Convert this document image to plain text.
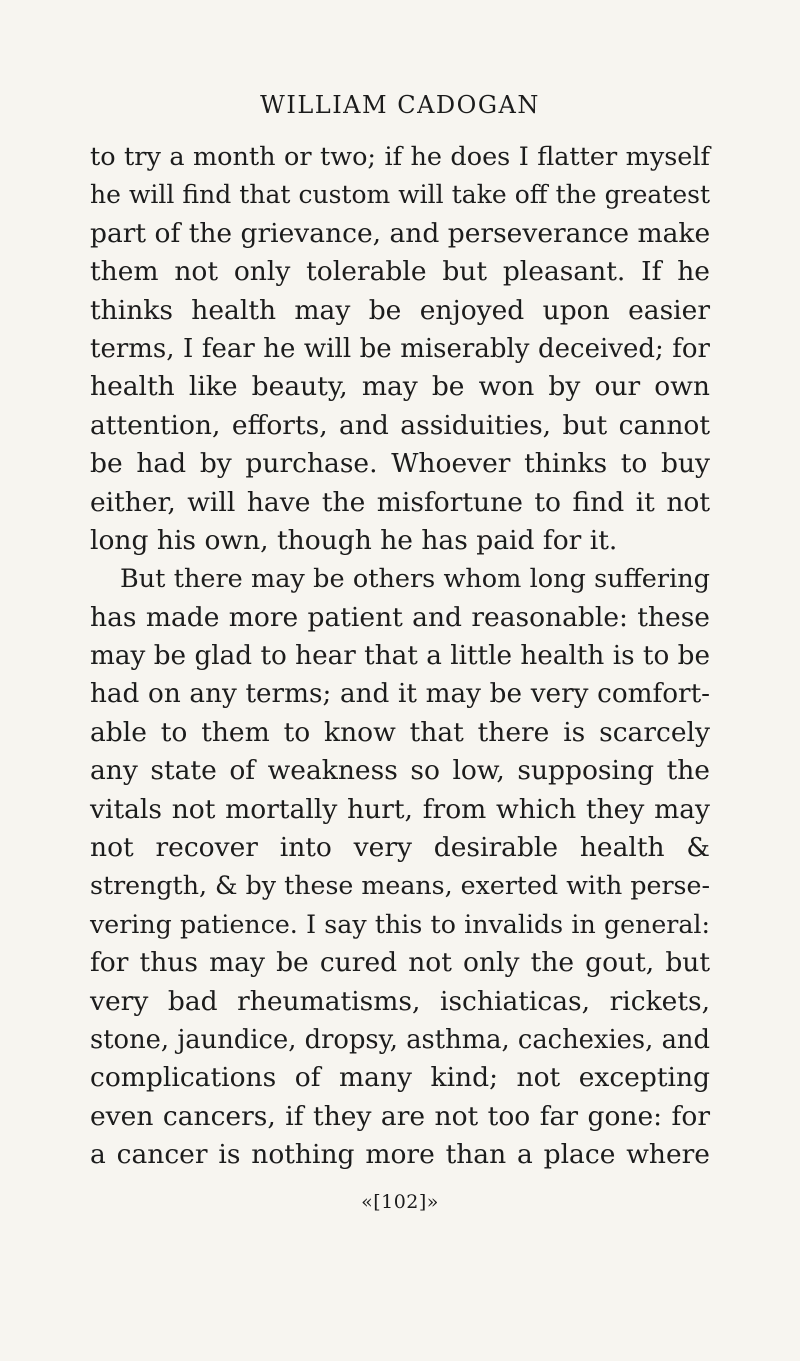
WILLIAM CADOGAN
to try a month or two; if he does I flatter myself
he will find that custom will take off the greatest
part of the grievance, and perseverance make
them not only tolerable but pleasant. If he
thinks health may be enjoyed upon easier
terms, I fear he will be miserably deceived; for
health like beauty, may be won by our own
attention, efforts, and assiduities, but cannot
be had by purchase. Whoever thinks to buy
either, will have the misfortune to find it not
long his own, though he has paid for it.
But there may be others whom long suffering
has made more patient and reasonable: these
may be glad to hear that a little health is to be
had on any terms; and it may be very comfort-
able to them to know that there is scarcely
any state of weakness so low, supposing the
vitals not mortally hurt, from which they may
not recover into very desirable health &
strength, & by these means, exerted with perse-
vering patience. I say this to invalids in general:
for thus may be cured not only the gout, but
very bad rheumatisms, ischiaticas, rickets,
stone, jaundice, dropsy, asthma, cachexies, and
complications of many kind; not excepting
even cancers, if they are not too far gone: for
a cancer is nothing more than a place where
«[102]»
